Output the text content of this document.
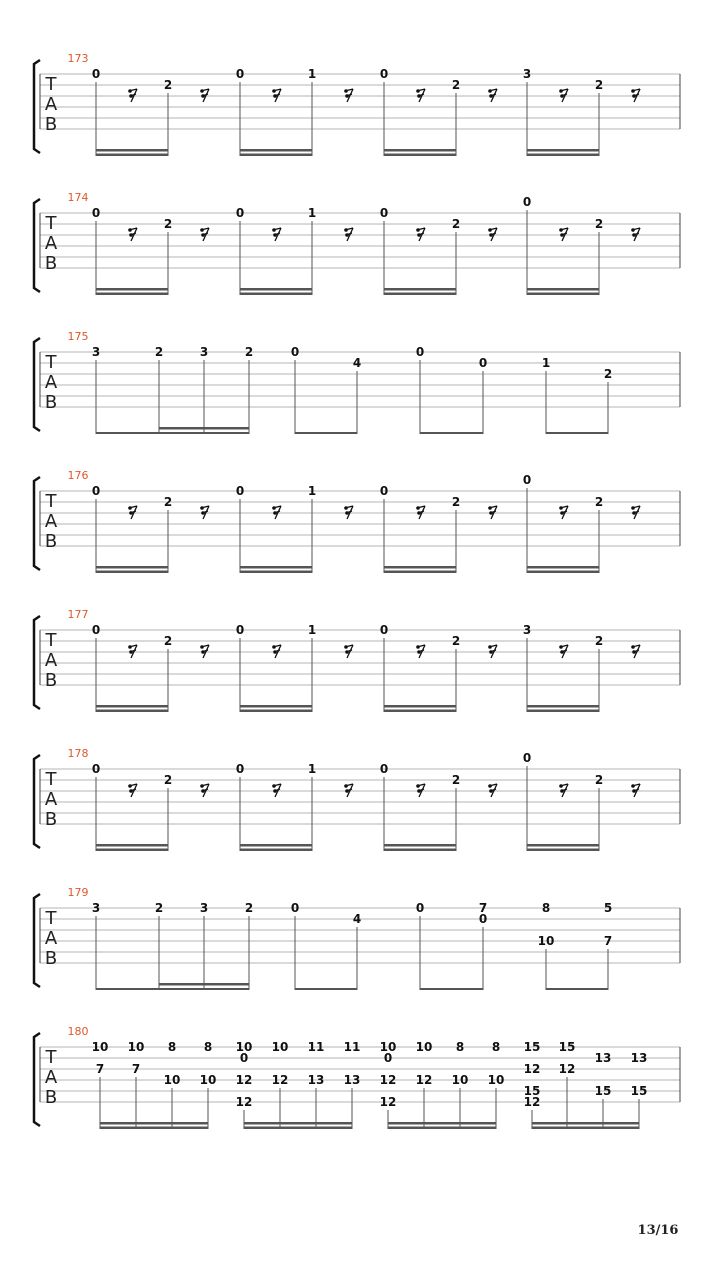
T
A
B
173
0
2
0	1	0
2
3
2
T
A
B
174
0
2
0	1	0
2
0
2
T
A
B
175
3	2	3	2	0
4
0
0	1
2
T
A
B
176
0
2
0	1	0
2
0
2
T
A
B
177
0
2
0	1	0
2
3
2
T
A
B
178
0
2
0	1	0
2
0
2
T
A
B
179
3	2	3	2	0
4
0	7
0
8
10
5
7
T
A
B
180
10
7
10
7
8
10
8
10
10
0
12
12
10
12
11
13
11
13
10
0
12
12
10
12
8
10
8
10
15
12
15
12
15
12
13
15
13
15
13/16
